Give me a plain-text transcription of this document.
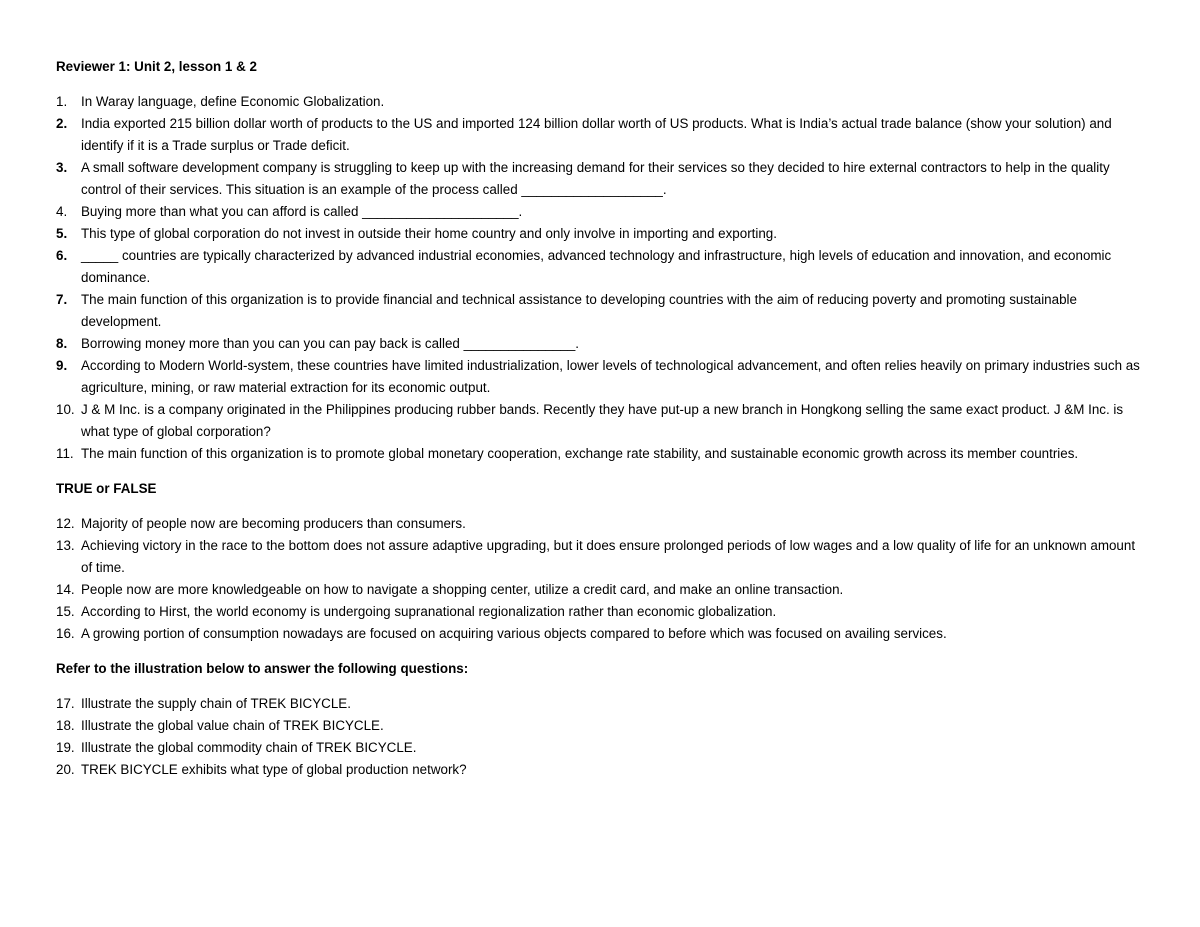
Reviewer 1: Unit 2, lesson 1 & 2
1. In Waray language, define Economic Globalization.
2. India exported 215 billion dollar worth of products to the US and imported 124 billion dollar worth of US products. What is India’s actual trade balance (show your solution) and identify if it is a Trade surplus or Trade deficit.
3. A small software development company is struggling to keep up with the increasing demand for their services so they decided to hire external contractors to help in the quality control of their services. This situation is an example of the process called ___________________.
4. Buying more than what you can afford is called _____________________.
5. This type of global corporation do not invest in outside their home country and only involve in importing and exporting.
6. _____ countries are typically characterized by advanced industrial economies, advanced technology and infrastructure, high levels of education and innovation, and economic dominance.
7. The main function of this organization is to provide financial and technical assistance to developing countries with the aim of reducing poverty and promoting sustainable development.
8. Borrowing money more than you can you can pay back is called _______________.
9. According to Modern World-system, these countries have limited industrialization, lower levels of technological advancement, and often relies heavily on primary industries such as agriculture, mining, or raw material extraction for its economic output.
10. J & M Inc. is a company originated in the Philippines producing rubber bands. Recently they have put-up a new branch in Hongkong selling the same exact product. J &M Inc. is what type of global corporation?
11. The main function of this organization is to promote global monetary cooperation, exchange rate stability, and sustainable economic growth across its member countries.
TRUE or FALSE
12. Majority of people now are becoming producers than consumers.
13. Achieving victory in the race to the bottom does not assure adaptive upgrading, but it does ensure prolonged periods of low wages and a low quality of life for an unknown amount of time.
14. People now are more knowledgeable on how to navigate a shopping center, utilize a credit card, and make an online transaction.
15. According to Hirst, the world economy is undergoing supranational regionalization rather than economic globalization.
16. A growing portion of consumption nowadays are focused on acquiring various objects compared to before which was focused on availing services.
Refer to the illustration below to answer the following questions:
17. Illustrate the supply chain of TREK BICYCLE.
18. Illustrate the global value chain of TREK BICYCLE.
19. Illustrate the global commodity chain of TREK BICYCLE.
20. TREK BICYCLE exhibits what type of global production network?
